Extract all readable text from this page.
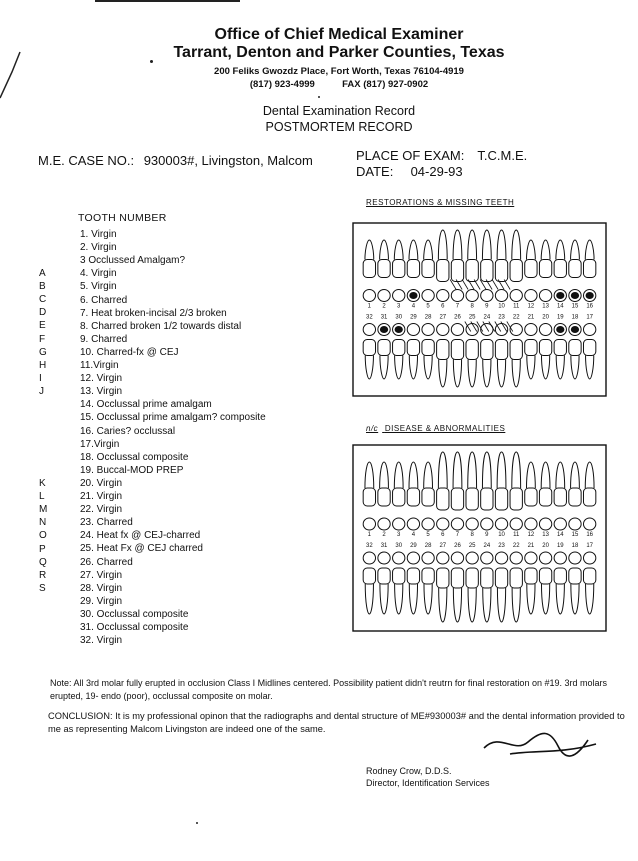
Office of Chief Medical Examiner
Tarrant, Denton and Parker Counties, Texas
200 Feliks Gwozdz Place, Fort Worth, Texas 76104-4919
(817) 923-4999	FAX (817) 927-0902
Dental Examination Record
POSTMORTEM RECORD
M.E. CASE NO.: 930003#, Livingston, Malcom	PLACE OF EXAM: T.C.M.E.
DATE: 04-29-93
TOOTH NUMBER
1. Virgin
2. Virgin
3 Occlussed Amalgam?
4. Virgin
5. Virgin
6. Charred
7. Heat broken-incisal 2/3 broken
8. Charred broken 1/2 towards distal
9. Charred
10. Charred-fx @ CEJ
11.Virgin
12. Virgin
13. Virgin
14. Occlussal prime amalgam
15. Occlussal prime amalgam? composite
16. Caries? occlussal
17.Virgin
18. Occlussal composite
19. Buccal-MOD PREP
20. Virgin
21. Virgin
22. Virgin
23. Charred
24. Heat fx @ CEJ-charred
25. Heat Fx @ CEJ charred
26. Charred
27. Virgin
28. Virgin
29. Virgin
30. Occlussal composite
31. Occlussal composite
32. Virgin
A
B
C
D
E
F
G
H
I
J
K
L
M
N
O
P
Q
R
S
RESTORATIONS & MISSING TEETH
n/c DISEASE & ABNORMALITIES
1 2 3 4 5 6 7 8 9 10 11 12 13 14 15 16
32 31 30 29 28 27 26 25 24 23 22 21 20 19 18 17
1 2 3 4 5 6 7 8 9 10 11 12 13 14 15 16
32 31 30 29 28 27 26 25 24 23 22 21 20 19 18 17
Note: All 3rd molar fully erupted in occlusion Class I Midlines centered. Possibility patient didn't reutrn for final restoration on #19. 3rd molars erupted, 19- endo (poor), occlussal composite on molar.
CONCLUSION: It is my professional opinon that the radiographs and dental structure of ME#930003# and the dental information provided to me as representing Malcom Livingston are indeed one of the same.
Rodney Crow, D.D.S.
Director, Identification Services
